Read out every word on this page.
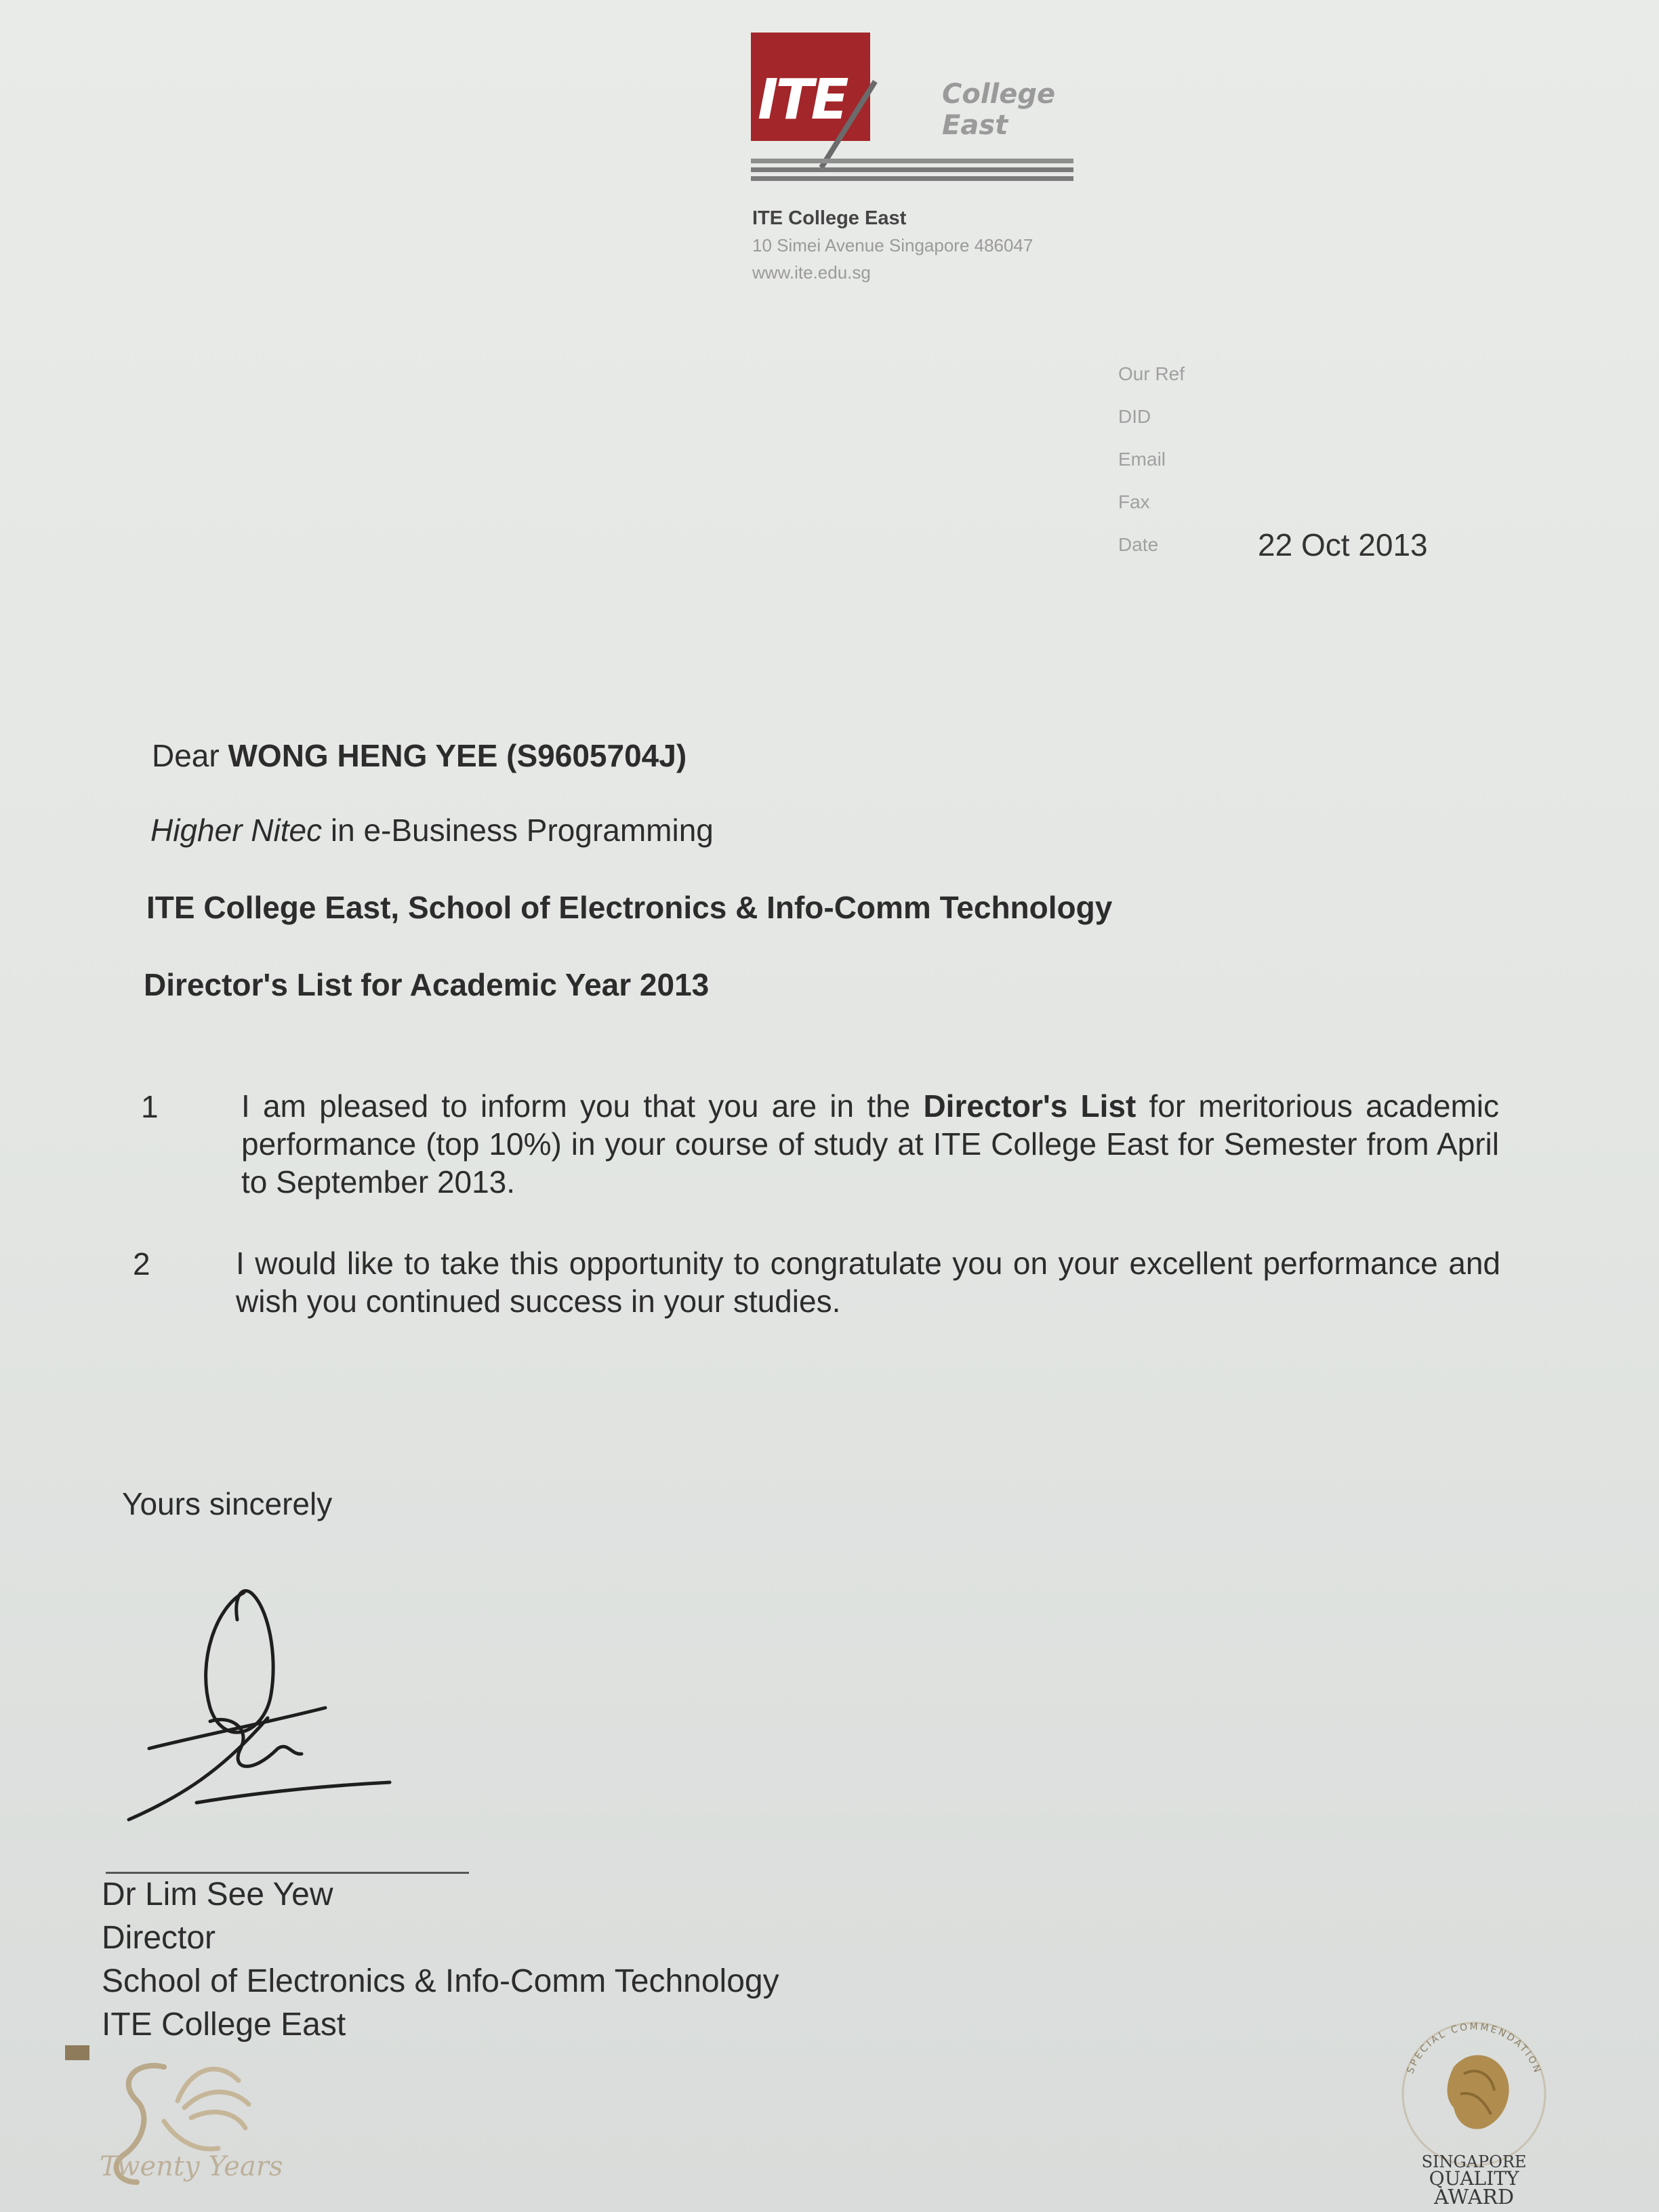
ITE	College
East
ITE College East
10 Simei Avenue Singapore 486047
www.ite.edu.sg
Our Ref
DID
Email
Fax
Date	22 Oct 2013
Dear WONG HENG YEE (S9605704J)
Higher Nitec in e-Business Programming
ITE College East, School of Electronics & Info-Comm Technology
Director's List for Academic Year 2013
1	I am pleased to inform you that you are in the Director's List for meritorious academic performance (top 10%) in your course of study at ITE College East for Semester from April to September 2013.
2	I would like to take this opportunity to congratulate you on your excellent performance and wish you continued success in your studies.
Yours sincerely
Dr Lim See Yew
Director
School of Electronics & Info-Comm Technology
ITE College East
Twenty Years
SPECIAL COMMENDATION
SINGAPORE
QUALITY
AWARD
